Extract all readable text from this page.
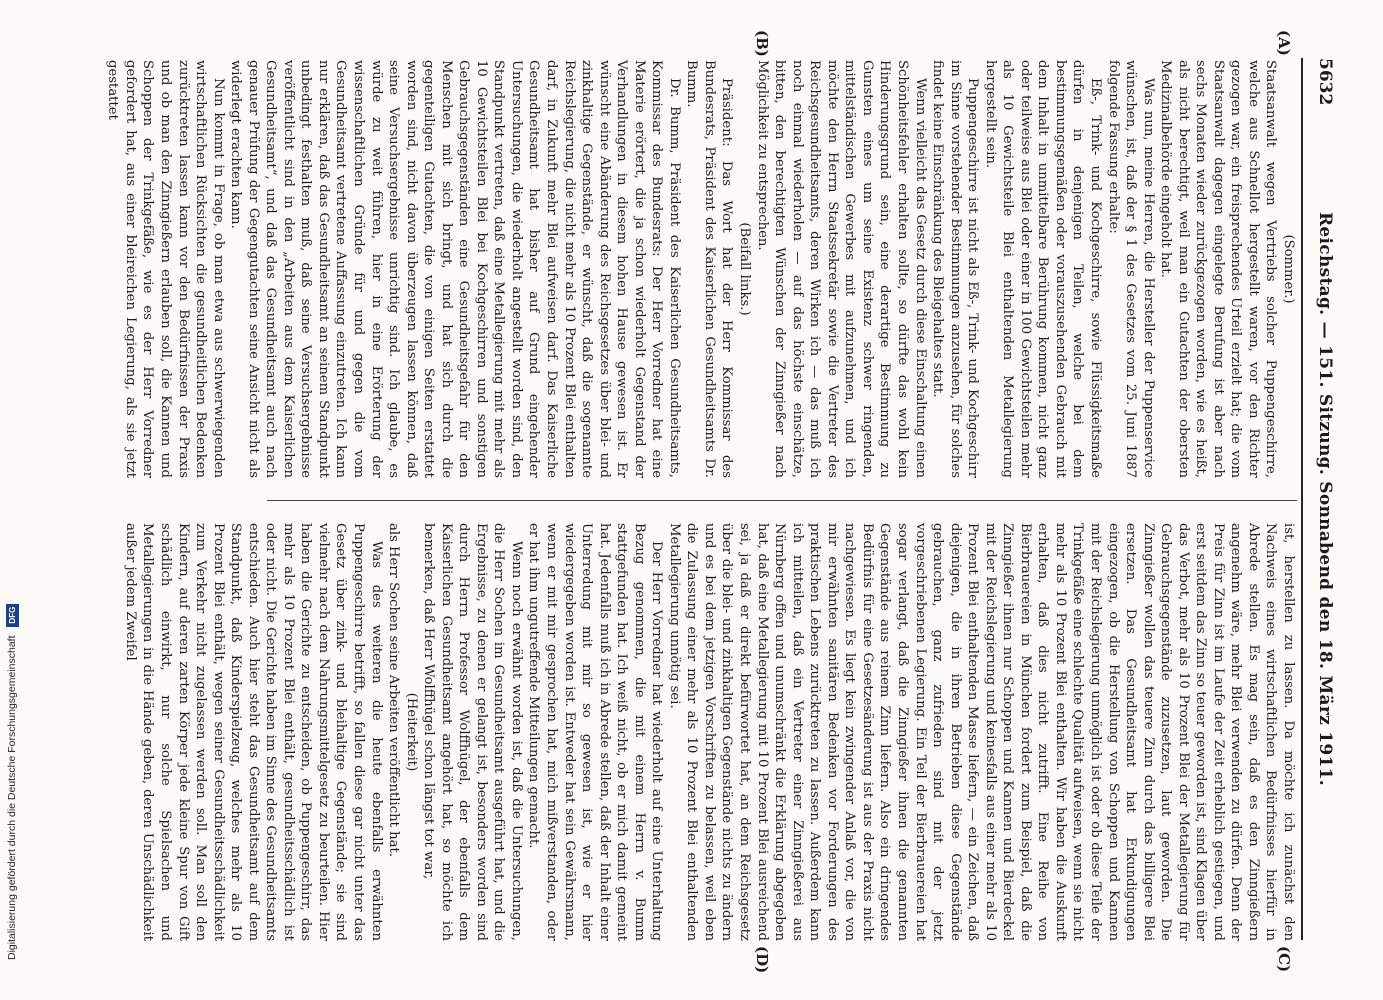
5632
Reichstag. — 151. Sitzung. Sonnabend den 18. März 1911.
(A)
(B)
(C)
(D)

(Sommer.)

Staatsanwalt wegen Vertriebs solcher Puppengeschirre, welche aus Schnellot hergestellt waren, vor den Richter gezogen war, ein freisprechendes Urteil erzielt hat; die vom Staatsanwalt dagegen eingelegte Berufung ist aber nach sechs Monaten wieder zurückgezogen worden, wie es heißt, als nicht berechtigt, weil man ein Gutachten der obersten Medizinalbehörde eingeholt hat.

Was nun, meine Herren, die Hersteller der Puppenservice wünschen, ist, daß der § 1 des Gesetzes vom 25. Juni 1887 folgende Fassung erhalte:

Eß-, Trink- und Kochgeschirre, sowie Flüssigkeitsmaße dürfen in denjenigen Teilen, welche bei dem bestimmungsgemäßen oder vorauszusehenden Gebrauch mit dem Inhalt in unmittelbare Berührung kommen, nicht ganz oder teilweise aus Blei oder einer in 100 Gewichtsteilen mehr als 10 Gewichtsteile Blei enthaltenden Metallegierung hergestellt sein.

Puppengeschirre ist nicht als Eß-, Trink- und Kochgeschirr im Sinne vorstehender Bestimmungen anzusehen, für solches findet keine Einschränkung des Bleigehaltes statt.

Wenn vielleicht das Gesetz durch diese Einschaltung einen Schönheitsfehler erhalten sollte, so dürfte das wohl kein Hinderungsgrund sein, eine derartige Bestimmung zu Gunsten eines um seine Existenz schwer ringenden, mittelständischen Gewerbes mit aufzunehmen, und ich möchte den Herrn Staatssekretär sowie die Vertreter des Reichsgesundheitsamts, deren Wirken ich — das muß ich noch einmal wiederholen — auf das höchste einschätze, bitten, den berechtigten Wünschen der Zinngießer nach Möglichkeit zu entsprechen.

(Beifall links.)

Präsident: Das Wort hat der Herr Kommissar des Bundesrats, Präsident des Kaiserlichen Gesundheitsamts Dr. Bumm.

Dr. Bumm, Präsident des Kaiserlichen Gesundheitsamts, Kommissar des Bundesrats: Der Herr Vorredner hat eine Materie erörtert, die ja schon wiederholt Gegenstand der Verhandlungen in diesem hohen Hause gewesen ist. Er wünscht eine Abänderung des Reichsgesetzes über blei- und zinkhaltige Gegenstände, er wünscht, daß die sogenannte Reichslegierung, die nicht mehr als 10 Prozent Blei enthalten darf, in Zukunft mehr Blei aufweisen darf. Das Kaiserliche Gesundheitsamt hat bisher auf Grund eingehender Untersuchungen, die wiederholt angestellt worden sind, den Standpunkt vertreten, daß eine Metallegierung mit mehr als 10 Gewichtsteilen Blei bei Kochgeschirren und sonstigen Gebrauchsgegenständen eine Gesundheitsgefahr für den Menschen mit sich bringt, und hat sich durch die gegenteiligen Gutachten, die von einigen Seiten erstattet worden sind, nicht davon überzeugen lassen können, daß seine Versuchsergebnisse unrichtig sind. Ich glaube, es würde zu weit führen, hier in eine Erörterung der wissenschaftlichen Gründe für und gegen die vom Gesundheitsamt vertretene Auffassung einzutreten. Ich kann nur erklären, daß das Gesundheitsamt an seinem Standpunkt unbedingt festhalten muß, daß seine Versuchsergebnisse veröffentlicht sind in den „Arbeiten aus dem Kaiserlichen Gesundheitsamt“, und daß das Gesundheitsamt auch nach genauer Prüfung der Gegengutachten seine Ansicht nicht als widerlegt erachten kann.

Nun kommt in Frage, ob man etwa aus schwerwiegenden wirtschaftlichen Rücksichten die gesundheitlichen Bedenken zurücktreten lassen kann vor den Bedürfnissen der Praxis und ob man den Zinngießern erlauben soll, die Kannen und Schoppen der Trinkgefäße, wie es der Herr Vorredner gefordert hat, aus einer bleireichen Legierung, als sie jetzt gestattet

ist, herstellen zu lassen. Da möchte ich zunächst den Nachweis eines wirtschaftlichen Bedürfnisses hierfür in Abrede stellen. Es mag sein, daß es den Zinngießern angenehm wäre, mehr Blei verwenden zu dürfen. Denn der Preis für Zinn ist im Laufe der Zeit erheblich gestiegen, und erst seitdem das Zinn so teuer geworden ist, sind Klagen über das Verbot, mehr als 10 Prozent Blei der Metallegierung für Gebrauchsgegenstände zuzusetzen, laut geworden. Die Zinngießer wollen das teuere Zinn durch das billigere Blei ersetzen. Das Gesundheitsamt hat Erkundigungen eingezogen, ob die Herstellung von Schoppen und Kannen mit der Reichslegierung unmöglich ist oder ob diese Teile der Trinkgefäße eine schlechte Qualität aufweisen, wenn sie nicht mehr als 10 Prozent Blei enthalten. Wir haben die Auskunft erhalten, daß dies nicht zutrifft. Eine Reihe von Bierbrauereien in München fordert zum Beispiel, daß die Zinngießer ihnen nur Schoppen und Kannen und Bierdeckel mit der Reichslegierung und keinesfalls aus einer mehr als 10 Prozent Blei enthaltenden Masse liefern, — ein Zeichen, daß diejenigen, die in ihren Betrieben diese Gegenstände gebrauchen, ganz zufrieden sind mit der jetzt vorgeschriebenen Legierung. Ein Teil der Bierbrauereien hat sogar verlangt, daß die Zinngießer ihnen die genannten Gegenstände aus reinem Zinn liefern. Also ein dringendes Bedürfnis für eine Gesetzesänderung ist aus der Praxis nicht nachgewiesen. Es liegt kein zwingender Anlaß vor, die von mir erwähnten sanitären Bedenken vor Forderungen des praktischen Lebens zurücktreten zu lassen. Außerdem kann ich mitteilen, daß ein Vertreter einer Zinngießerei aus Nürnberg offen und unumschränkt die Erklärung abgegeben hat, daß eine Metallegierung mit 10 Prozent Blei ausreichend sei, ja daß er direkt befürwortet hat, an dem Reichsgesetz über die blei- und zinkhaltigen Gegenstände nichts zu ändern und es bei dem jetzigen Vorschriften zu belassen, weil eben die Zulassung einer mehr als 10 Prozent Blei enthaltenden Metallegierung unnötig sei.

Der Herr Vorredner hat wiederholt auf eine Unterhaltung Bezug genommen, die mit einem Herrn v. Bumm stattgefunden hat. Ich weiß nicht, ob er mich damit gemeint hat. Jedenfalls muß ich in Abrede stellen, daß der Inhalt einer Unterredung mit mir so gewesen ist, wie er hier wiedergegeben worden ist. Entweder hat sein Gewährsmann, wenn er mit mir gesprochen hat, mich mißverstanden, oder er hat ihm ungutreffende Mitteilungen gemacht.

Wenn noch erwähnt worden ist, daß die Untersuchungen, die Herr Sochen im Gesundheitsamt ausgeführt hat, und die Ergebnisse, zu denen er gelangt ist, besonders worden sind durch Herrn Professor Wolffhügel, der ebenfalls dem Kaiserlichen Gesundheitsamt angehört hat, so möchte ich bemerken, daß Herr Wolffhügel schon längst tot war,

(Heiterkeit)

als Herr Sochen seine Arbeiten veröffentlicht hat.

Was des weiteren die heute ebenfalls erwähnten Puppengeschirre betrifft, so fallen diese gar nicht unter das Gesetz über zink- und bleihaltige Gegenstände; sie sind vielmehr nach dem Nahrungsmittelgesetz zu beurteilen. Hier haben die Gerichte zu entscheiden, ob Puppengeschirr, das mehr als 10 Prozent Blei enthält, gesundheitsschädlich ist oder nicht. Die Gerichte haben im Sinne des Gesundheitsamts entschieden. Auch hier steht das Gesundheitsamt auf dem Standpunkt, daß Kinderspielzeug, welches mehr als 10 Prozent Blei enthält, wegen seiner Gesundheitsschädlichkeit zum Verkehr nicht zugelassen werden soll. Man soll den Kindern, auf deren zarten Körper jede kleine Spur von Gift schädlich einwirkt, nur solche Spielsachen und Metallegierungen in die Hände geben, deren Unschädlichkeit außer jedem Zweifel

Digitalisierung gefördert durch die Deutsche Forschungsgemeinschaft DFG
